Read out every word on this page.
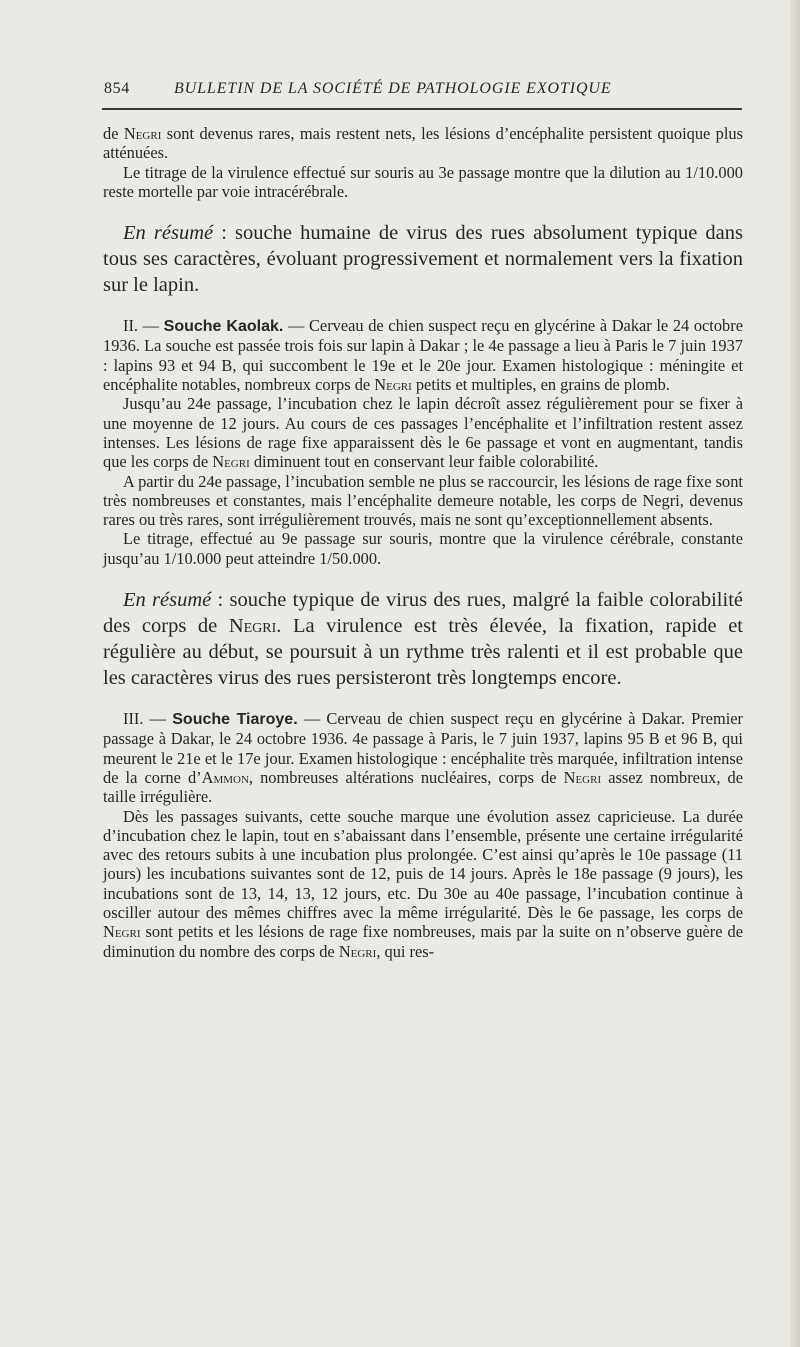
854	BULLETIN DE LA SOCIÉTÉ DE PATHOLOGIE EXOTIQUE

de Negri sont devenus rares, mais restent nets, les lésions d’encéphalite persistent quoique plus atténuées.

Le titrage de la virulence effectué sur souris au 3e passage montre que la dilution au 1/10.000 reste mortelle par voie intracérébrale.

En résumé : souche humaine de virus des rues absolument typique dans tous ses caractères, évoluant progressivement et normalement vers la fixation sur le lapin.

II. — Souche Kaolak. — Cerveau de chien suspect reçu en glycérine à Dakar le 24 octobre 1936. La souche est passée trois fois sur lapin à Dakar ; le 4e passage a lieu à Paris le 7 juin 1937 : lapins 93 et 94 B, qui succombent le 19e et le 20e jour. Examen histologique : méningite et encéphalite notables, nombreux corps de Negri petits et multiples, en grains de plomb.

Jusqu’au 24e passage, l’incubation chez le lapin décroît assez régulièrement pour se fixer à une moyenne de 12 jours. Au cours de ces passages l’encéphalite et l’infiltration restent assez intenses. Les lésions de rage fixe apparaissent dès le 6e passage et vont en augmentant, tandis que les corps de Negri diminuent tout en conservant leur faible colorabilité.

A partir du 24e passage, l’incubation semble ne plus se raccourcir, les lésions de rage fixe sont très nombreuses et constantes, mais l’encéphalite demeure notable, les corps de Negri, devenus rares ou très rares, sont irrégulièrement trouvés, mais ne sont qu’exceptionnellement absents.

Le titrage, effectué au 9e passage sur souris, montre que la virulence cérébrale, constante jusqu’au 1/10.000 peut atteindre 1/50.000.

En résumé : souche typique de virus des rues, malgré la faible colorabilité des corps de Negri. La virulence est très élevée, la fixation, rapide et régulière au début, se poursuit à un rythme très ralenti et il est probable que les caractères virus des rues persisteront très longtemps encore.

III. — Souche Tiaroye. — Cerveau de chien suspect reçu en glycérine à Dakar. Premier passage à Dakar, le 24 octobre 1936. 4e passage à Paris, le 7 juin 1937, lapins 95 B et 96 B, qui meurent le 21e et le 17e jour. Examen histologique : encéphalite très marquée, infiltration intense de la corne d’Ammon, nombreuses altérations nucléaires, corps de Negri assez nombreux, de taille irrégulière.

Dès les passages suivants, cette souche marque une évolution assez capricieuse. La durée d’incubation chez le lapin, tout en s’abaissant dans l’ensemble, présente une certaine irrégularité avec des retours subits à une incubation plus prolongée. C’est ainsi qu’après le 10e passage (11 jours) les incubations suivantes sont de 12, puis de 14 jours. Après le 18e passage (9 jours), les incubations sont de 13, 14, 13, 12 jours, etc. Du 30e au 40e passage, l’incubation continue à osciller autour des mêmes chiffres avec la même irrégularité. Dès le 6e passage, les corps de Negri sont petits et les lésions de rage fixe nombreuses, mais par la suite on n’observe guère de diminution du nombre des corps de Negri, qui res-
